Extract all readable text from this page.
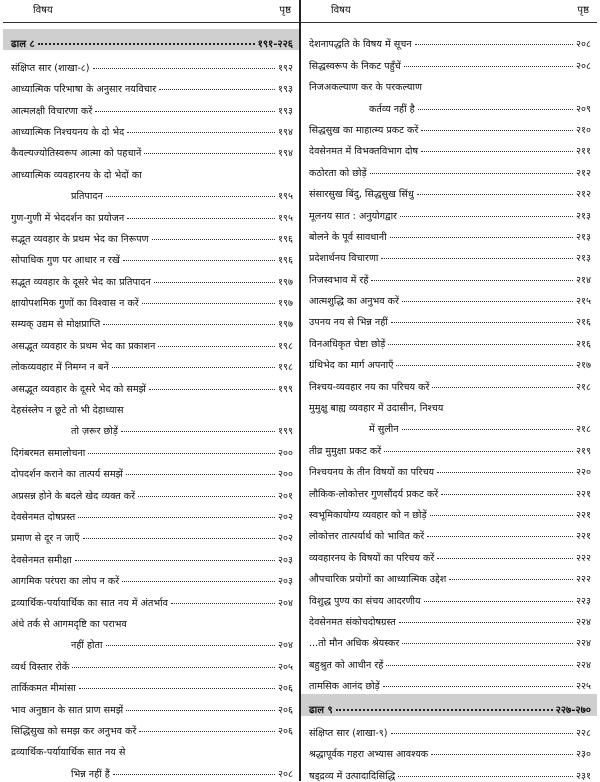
विषय	पृष्ठ
ढाल ८	१९१-२२६
संक्षिप्त सार (शाखा-८)	१९२
आध्यात्मिक परिभाषा के अनुसार नयविचार	१९३
आत्मलक्षी विचारणा करें	१९३
आध्यात्मिक निश्चयनय के दो भेद	१९४
कैवल्यज्योतिस्वरूप आत्मा को पहचानें	१९४
आध्यात्मिक व्यवहारनय के दो भेदों का
प्रतिपादन	१९५
गुण-गुणी में भेददर्शन का प्रयोजन	१९५
सद्भूत व्यवहार के प्रथम भेद का निरूपण	१९६
सोपाधिक गुण पर आधार न रखें	१९६
सद्भूत व्यवहार के दूसरे भेद का प्रतिपादन	१९७
क्षायोपशमिक गुणों का विश्वास न करें	१९७
सम्यक् उद्यम से मोक्षप्राप्ति	१९७
असद्भूत व्यवहार के प्रथम भेद का प्रकाशन	१९८
लोकव्यवहार में निमग्न न बनें	१९८
असद्भूत व्यवहार के दूसरे भेद को समझें	१९९
देहसंस्लेप न छूटे तो भी देहाध्यास
तो ज़रूर छोड़ें	१९९
दिगंबरमत समालोचना	२००
दोपदर्शन कराने का तात्पर्य समझें	२००
अप्रसन्न होने के बदले खेद व्यक्त करें	२०१
देवसेनमत दोषप्रस्त	२०२
प्रमाण से दूर न जाएँ	२०२
देवसेनमत समीक्षा	२०३
आगमिक परंपरा का लोप न करें	२०३
द्रव्यार्थिक-पर्यायार्थिक का सात नय में अंतर्भाव	२०४
अंधे तर्क से आगमदृष्टि का पराभव
नहीं होता	२०४
व्यर्थ विस्तार रोकें	२०५
तार्किकमत मीमांसा	२०६
भाव अनुष्ठान के सात प्राण समझें	२०६
सिद्धिसुख को समझ कर अनुभव करें	२०६
द्रव्यार्थिक-पर्यायार्थिक सात नय से
भिन्न नहीं हैं	२०८
विषय	पृष्ठ
देशनापद्धति के विषय में सूचन	२०८
सिद्धस्वरूप के निकट पहुँचें	२०८
निजअकल्याण कर के परकल्याण
कर्तव्य नहीं है	२०९
सिद्धसुख का माहात्म्य प्रकट करें	२१०
देवसेनमत में विभक्तविभाग दोष	२११
कठोरता को छोड़ें	२१२
संसारसुख बिंदु, सिद्धसुख सिंधु	२१२
मूलनय सात : अनुयोगद्वार	२१३
बोलने के पूर्व सावधानी	२१३
प्रदेशार्थनय विचारणा	२१३
निजस्वभाव में रहें	२१४
आत्मशुद्धि का अनुभव करें	२१५
उपनय नय से भिन्न नहीं	२१६
विनअधिकृत चेष्टा छोड़ें	२१६
ग्रंथिभेद का मार्ग अपनाएँ	२१७
निश्चय-व्यवहार नय का परिचय करें	२१८
मुमुक्षु बाह्य व्यवहार में उदासीन, निश्चय
में सुलीन	२१८
तीव्र मुमुक्षा प्रकट करें	२१९
निश्चयनय के तीन विषयों का परिचय	२२०
लौकिक-लोकोत्तर गुणसौंदर्य प्रकट करें	२२१
स्वभूमिकायोग्य व्यवहार को न छोड़ें	२२१
लोकोत्तर तात्पर्यार्थ को भावित करें	२२१
व्यवहारनय के विषयों का परिचय करें	२२२
औपचारिक प्रयोगों का आध्यात्मिक उद्देश	२२२
विशुद्ध पुण्य का संचय आदरणीय	२२३
देवसेनमत संकोचदोषग्रस्त	२२४
...तो मौन अधिक श्रेयस्कर	२२४
बहुश्रुत को आधीन रहें	२२४
तामसिक आनंद छोड़ें	२२५
ढाल ९	२२७-२७०
संक्षिप्त सार (शाखा-९)	२२८
श्रद्धापूर्वक गहरा अभ्यास आवश्यक	२३०
षड्द्रव्य में उत्पादादिसिद्धि	२३१
